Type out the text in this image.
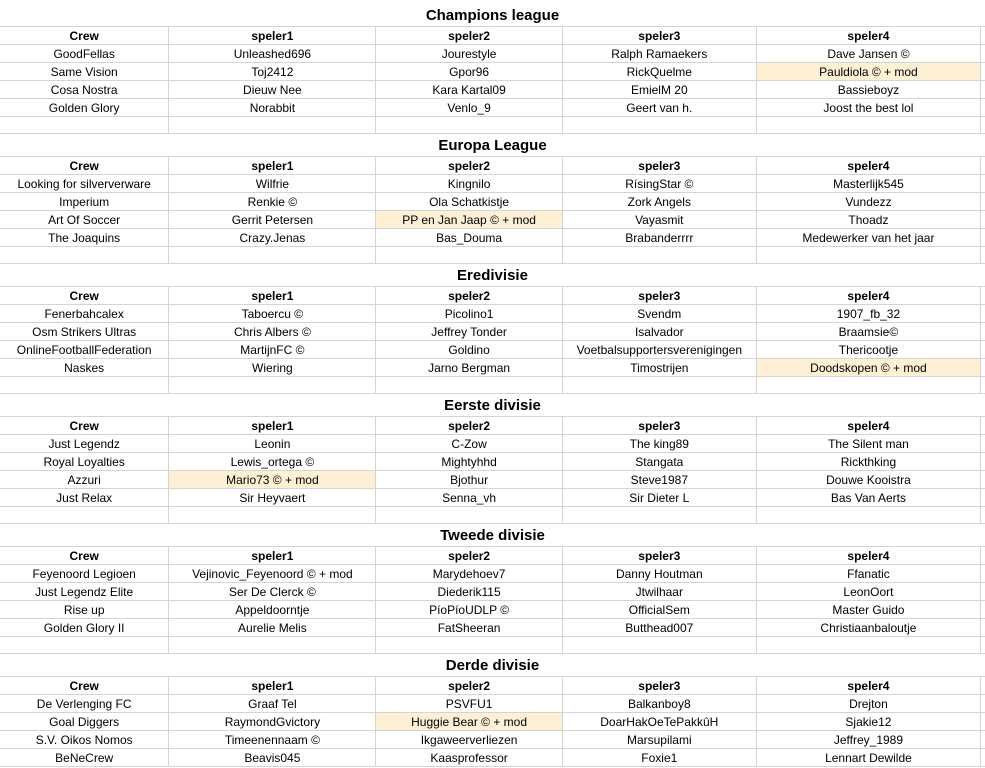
Champions league
Crew	speler1	speler2	speler3	speler4
GoodFellas	Unleashed696	Jourestyle	Ralph Ramaekers	Dave Jansen ©
Same Vision	Toj2412	Gpor96	RickQuelme	Pauldiola © + mod
Cosa Nostra	Dieuw Nee	Kara Kartal09	EmielM 20	Bassieboyz
Golden Glory	Norabbit	Venlo_9	Geert van h.	Joost the best lol
Europa League
Crew	speler1	speler2	speler3	speler4
Looking for silververware	Wilfrie	Kingnilo	RísingStar ©	Masterlijk545
Imperium	Renkie ©	Ola Schatkistje	Zork Angels	Vundezz
Art Of Soccer	Gerrit Petersen	PP en Jan Jaap © + mod	Vayasmit	Thoadz
The Joaquins	Crazy.Jenas	Bas_Douma	Brabanderrrr	Medewerker van het jaar
Eredivisie
Crew	speler1	speler2	speler3	speler4
Fenerbahcalex	Taboercu ©	Picolino1	Svendm	1907_fb_32
Osm Strikers Ultras	Chris Albers ©	Jeffrey Tonder	Isalvador	Braamsie©
OnlineFootballFederation	MartijnFC ©	Goldino	Voetbalsupportersverenigingen	Thericootje
Naskes	Wiering	Jarno Bergman	Timostrijen	Doodskopen © + mod
Eerste divisie
Crew	speler1	speler2	speler3	speler4
Just Legendz	Leonin	C-Zow	The king89	The Silent man
Royal Loyalties	Lewis_ortega ©	Mightyhhd	Stangata	Rickthking
Azzuri	Mario73 © + mod	Bjothur	Steve1987	Douwe Kooistra
Just Relax	Sir Heyvaert	Senna_vh	Sir Dieter L	Bas Van Aerts
Tweede divisie
Crew	speler1	speler2	speler3	speler4
Feyenoord Legioen	Vejinovic_Feyenoord © + mod	Marydehoev7	Danny Houtman	Ffanatic
Just Legendz Elite	Ser De Clerck ©	Diederik115	Jtwilhaar	LeonOort
Rise up	Appeldoorntje	PíoPíoUDLP ©	OfficialSem	Master Guido
Golden Glory II	Aurelie Melis	FatSheeran	Butthead007	Christiaanbaloutje
Derde divisie
Crew	speler1	speler2	speler3	speler4
De Verlenging FC	Graaf Tel	PSVFU1	Balkanboy8	Drejton
Goal Diggers	RaymondGvictory	Huggie Bear © + mod	DoarHakOeTePakkûH	Sjakie12
S.V. Oikos Nomos	Timeenennaam ©	Ikgaweerverliezen	Marsupilami	Jeffrey_1989
BeNeCrew	Beavis045	Kaasprofessor	Foxie1	Lennart Dewilde
